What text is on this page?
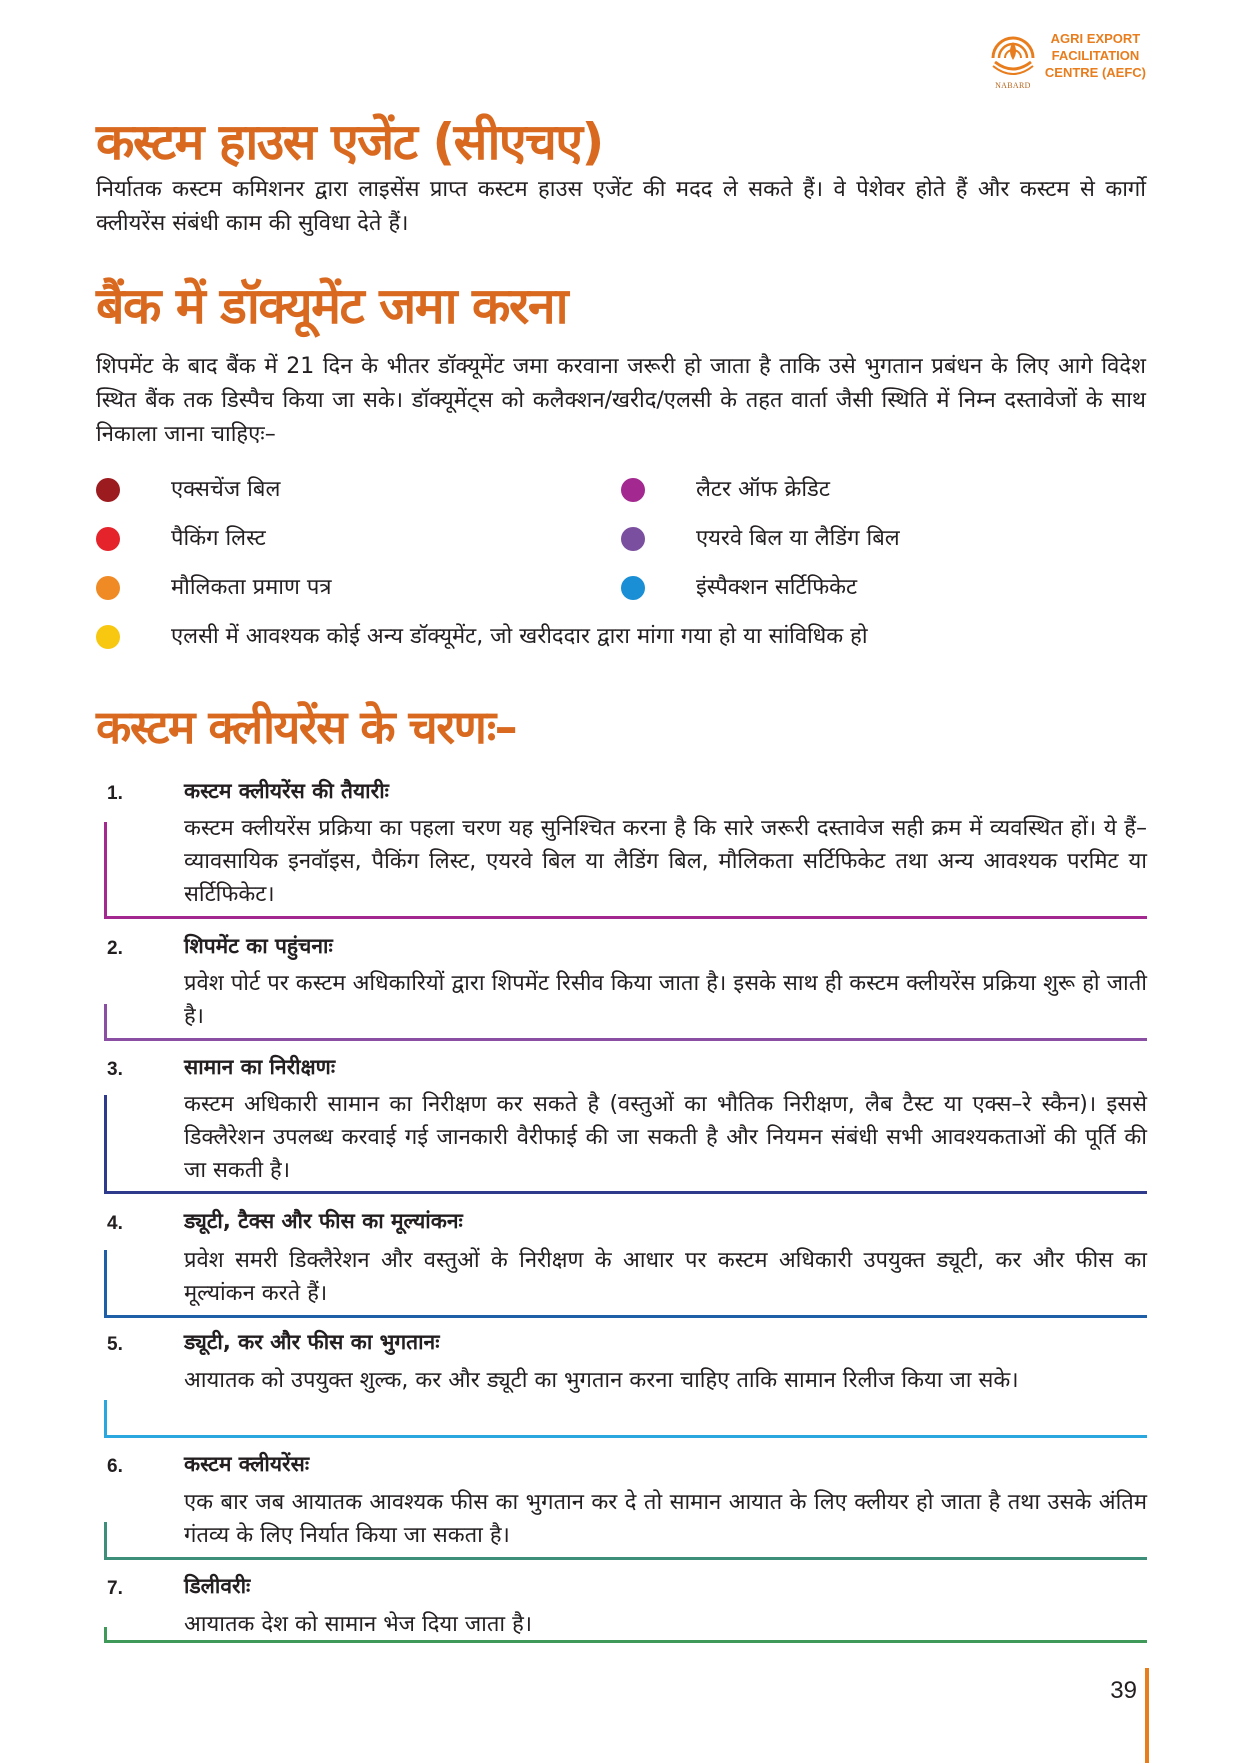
NABARD
AGRI EXPORT
FACILITATION
CENTRE (AEFC)
कस्टम हाउस एजेंट (सीएचए)

निर्यातक कस्टम कमिशनर द्वारा लाइसेंस प्राप्त कस्टम हाउस एजेंट की मदद ले सकते हैं। वे पेशेवर होते हैं और कस्टम से कार्गो क्लीयरेंस संबंधी काम की सुविधा देते हैं।

बैंक में डॉक्यूमेंट जमा करना

शिपमेंट के बाद बैंक में 21 दिन के भीतर डॉक्यूमेंट जमा करवाना जरूरी हो जाता है ताकि उसे भुगतान प्रबंधन के लिए आगे विदेश स्थित बैंक तक डिस्पैच किया जा सके। डॉक्यूमेंट्स को कलैक्शन/खरीद/एलसी के तहत वार्ता जैसी स्थिति में निम्न दस्तावेजों के साथ निकाला जाना चाहिएः–

एक्सचेंज बिल	लैटर ऑफ क्रेडिट
पैकिंग लिस्ट	एयरवे बिल या लैडिंग बिल
मौलिकता प्रमाण पत्र	इंस्पैक्शन सर्टिफिकेट
एलसी में आवश्यक कोई अन्य डॉक्यूमेंट, जो खरीददार द्वारा मांगा गया हो या सांविधिक हो
कस्टम क्लीयरेंस के चरणः–
1.	कस्टम क्लीयरेंस की तैयारीः

कस्टम क्लीयरेंस प्रक्रिया का पहला चरण यह सुनिश्चित करना है कि सारे जरूरी दस्तावेज सही क्रम में व्यवस्थित हों। ये हैं–व्यावसायिक इनवॉइस, पैकिंग लिस्ट, एयरवे बिल या लैडिंग बिल, मौलिकता सर्टिफिकेट तथा अन्य आवश्यक परमिट या सर्टिफिकेट।

2.	शिपमेंट का पहुंचनाः

प्रवेश पोर्ट पर कस्टम अधिकारियों द्वारा शिपमेंट रिसीव किया जाता है। इसके साथ ही कस्टम क्लीयरेंस प्रक्रिया शुरू हो जाती है।

3.	सामान का निरीक्षणः

कस्टम अधिकारी सामान का निरीक्षण कर सकते है (वस्तुओं का भौतिक निरीक्षण, लैब टैस्ट या एक्स–रे स्कैन)। इससे डिक्लैरेशन उपलब्ध करवाई गई जानकारी वैरीफाई की जा सकती है और नियमन संबंधी सभी आवश्यकताओं की पूर्ति की जा सकती है।

4.	ड्यूटी, टैक्स और फीस का मूल्यांकनः

प्रवेश समरी डिक्लैरेशन और वस्तुओं के निरीक्षण के आधार पर कस्टम अधिकारी उपयुक्त ड्यूटी, कर और फीस का मूल्यांकन करते हैं।

5.	ड्यूटी, कर और फीस का भुगतानः

आयातक को उपयुक्त शुल्क, कर और ड्यूटी का भुगतान करना चाहिए ताकि सामान रिलीज किया जा सके।

6.	कस्टम क्लीयरेंसः

एक बार जब आयातक आवश्यक फीस का भुगतान कर दे तो सामान आयात के लिए क्लीयर हो जाता है तथा उसके अंतिम गंतव्य के लिए निर्यात किया जा सकता है।

7.	डिलीवरीः

आयातक देश को सामान भेज दिया जाता है।

39
